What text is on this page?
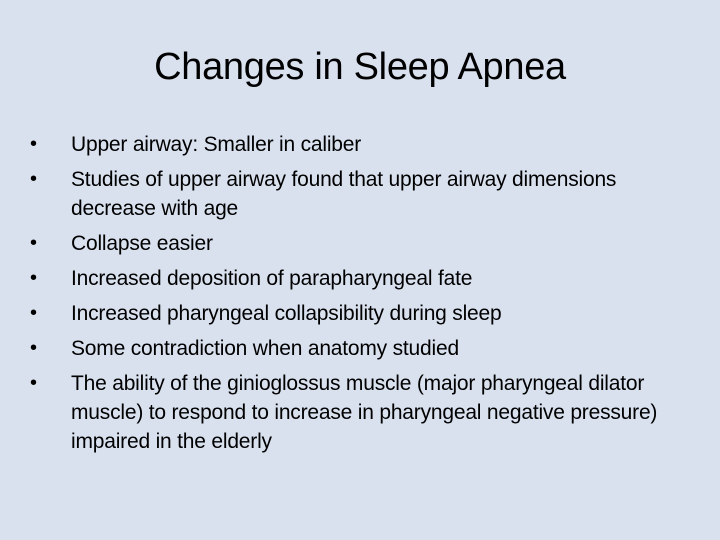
Changes in Sleep Apnea
•	Upper airway: Smaller in caliber
•	Studies of upper airway found that upper airway dimensions decrease with age
•	Collapse easier
•	Increased deposition of parapharyngeal fate
•	Increased pharyngeal collapsibility during sleep
•	Some contradiction when anatomy studied
•	The ability of the ginioglossus muscle (major pharyngeal dilator muscle) to respond to increase in pharyngeal negative pressure) impaired in the elderly
